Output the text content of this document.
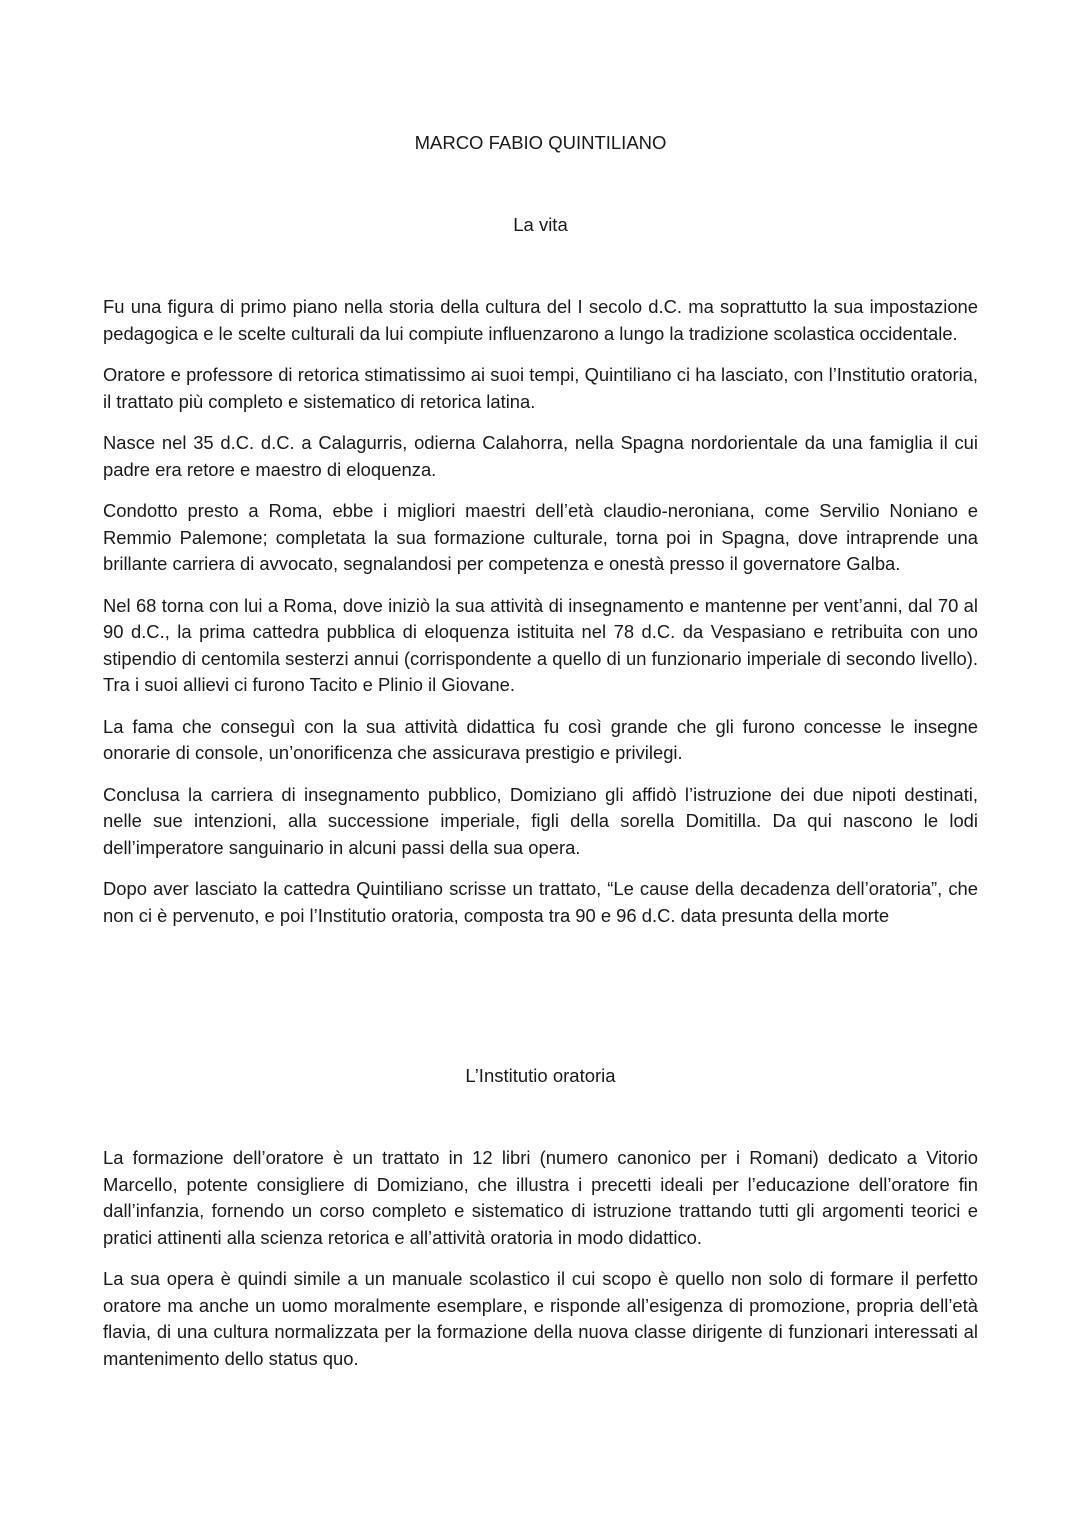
MARCO FABIO QUINTILIANO
La vita

Fu una figura di primo piano nella storia della cultura del I secolo d.C. ma soprattutto la sua impostazione pedagogica e le scelte culturali da lui compiute influenzarono a lungo la tradizione scolastica occidentale.

Oratore e professore di retorica stimatissimo ai suoi tempi, Quintiliano ci ha lasciato, con l’Institutio oratoria, il trattato più completo e sistematico di retorica latina.

Nasce nel 35 d.C. d.C. a Calagurris, odierna Calahorra, nella Spagna nordorientale da una famiglia il cui padre era retore e maestro di eloquenza.

Condotto presto a Roma, ebbe i migliori maestri dell’età claudio-neroniana, come Servilio Noniano e Remmio Palemone; completata la sua formazione culturale, torna poi in Spagna, dove intraprende una brillante carriera di avvocato, segnalandosi per competenza e onestà presso il governatore Galba.

Nel 68 torna con lui a Roma, dove iniziò la sua attività di insegnamento e mantenne per vent’anni, dal 70 al 90 d.C., la prima cattedra pubblica di eloquenza istituita nel 78 d.C. da Vespasiano e retribuita con uno stipendio di centomila sesterzi annui (corrispondente a quello di un funzionario imperiale di secondo livello). Tra i suoi allievi ci furono Tacito e Plinio il Giovane.

La fama che conseguì con la sua attività didattica fu così grande che gli furono concesse le insegne onorarie di console, un’onorificenza che assicurava prestigio e privilegi.

Conclusa la carriera di insegnamento pubblico, Domiziano gli affidò l’istruzione dei due nipoti destinati, nelle sue intenzioni, alla successione imperiale, figli della sorella Domitilla. Da qui nascono le lodi dell’imperatore sanguinario in alcuni passi della sua opera.

Dopo aver lasciato la cattedra Quintiliano scrisse un trattato, “Le cause della decadenza dell’oratoria”, che non ci è pervenuto, e poi l’Institutio oratoria, composta tra 90 e 96 d.C. data presunta della morte

L’Institutio oratoria

La formazione dell’oratore è un trattato in 12 libri (numero canonico per i Romani) dedicato a Vitorio Marcello, potente consigliere di Domiziano, che illustra i precetti ideali per l’educazione dell’oratore fin dall’infanzia, fornendo un corso completo e sistematico di istruzione trattando tutti gli argomenti teorici e pratici attinenti alla scienza retorica e all’attività oratoria in modo didattico.

La sua opera è quindi simile a un manuale scolastico il cui scopo è quello non solo di formare il perfetto oratore ma anche un uomo moralmente esemplare, e risponde all’esigenza di promozione, propria dell’età flavia, di una cultura normalizzata per la formazione della nuova classe dirigente di funzionari interessati al mantenimento dello status quo.
